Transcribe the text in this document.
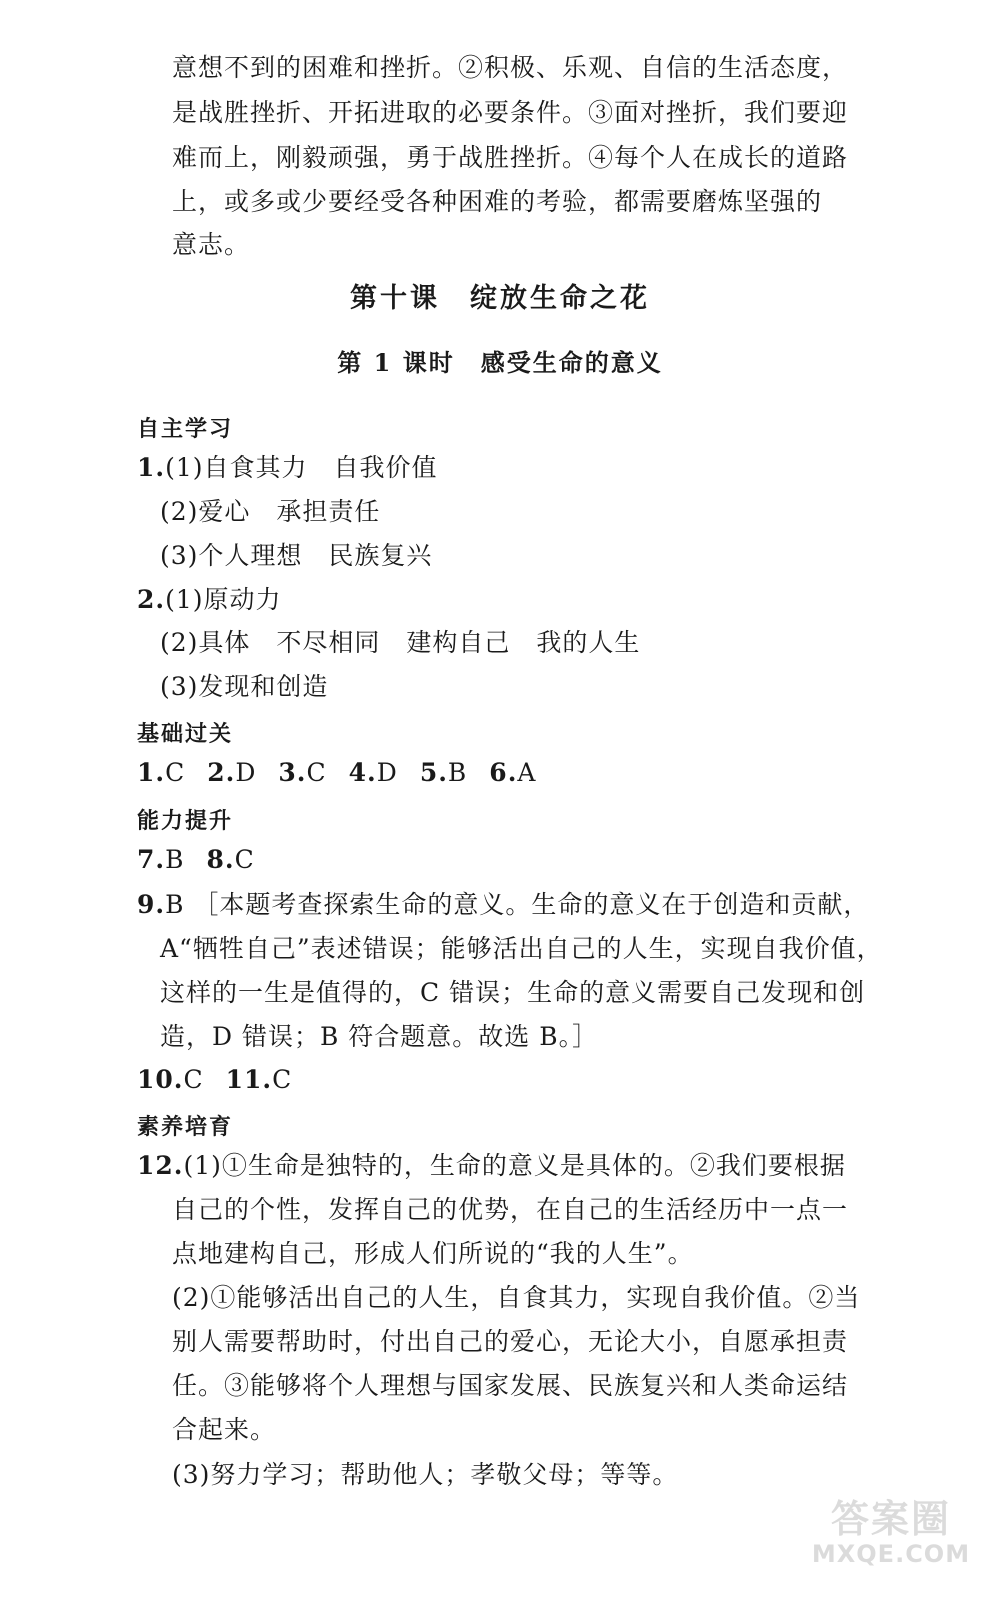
意想不到的困难和挫折。②积极、乐观、自信的生活态度，
是战胜挫折、开拓进取的必要条件。③面对挫折，我们要迎
难而上，刚毅顽强，勇于战胜挫折。④每个人在成长的道路
上，或多或少要经受各种困难的考验，都需要磨炼坚强的
意志。
第十课　绽放生命之花
第 1 课时　感受生命的意义
自主学习
1.(1)自食其力　自我价值
(2)爱心　承担责任
(3)个人理想　民族复兴
2.(1)原动力
(2)具体　不尽相同　建构自己　我的人生
(3)发现和创造
基础过关
1.C 2.D 3.C 4.D 5.B 6.A
能力提升
7.B 8.C
9.B ［本题考查探索生命的意义。生命的意义在于创造和贡献，
A“牺牲自己”表述错误；能够活出自己的人生，实现自我价值，
这样的一生是值得的，C 错误；生命的意义需要自己发现和创
造，D 错误；B 符合题意。故选 B。］
10.C 11.C
素养培育
12.(1)①生命是独特的，生命的意义是具体的。②我们要根据
自己的个性，发挥自己的优势，在自己的生活经历中一点一
点地建构自己，形成人们所说的“我的人生”。
(2)①能够活出自己的人生，自食其力，实现自我价值。②当
别人需要帮助时，付出自己的爱心，无论大小，自愿承担责
任。③能够将个人理想与国家发展、民族复兴和人类命运结
合起来。
(3)努力学习；帮助他人；孝敬父母；等等。
答案圈
MXQE.COM
